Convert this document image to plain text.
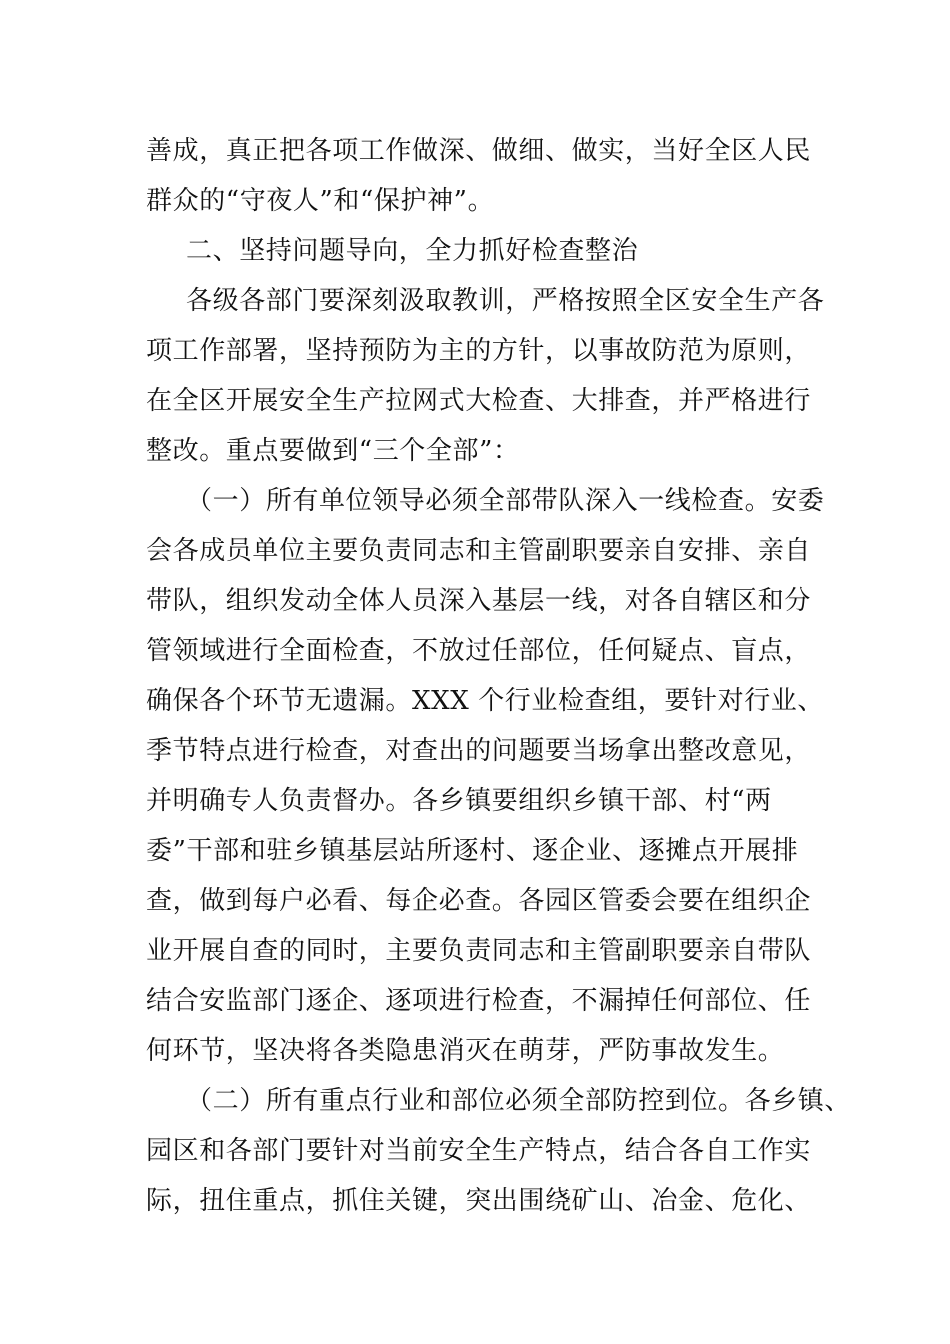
善成，真正把各项工作做深、做细、做实，当好全区人民
群众的“守夜人”和“保护神”。
二、坚持问题导向，全力抓好检查整治
各级各部门要深刻汲取教训，严格按照全区安全生产各
项工作部署，坚持预防为主的方针，以事故防范为原则，
在全区开展安全生产拉网式大检查、大排查，并严格进行
整改。重点要做到“三个全部”：
（一）所有单位领导必须全部带队深入一线检查。安委
会各成员单位主要负责同志和主管副职要亲自安排、亲自
带队，组织发动全体人员深入基层一线，对各自辖区和分
管领域进行全面检查，不放过任部位，任何疑点、盲点，
确保各个环节无遗漏。XXX 个行业检查组，要针对行业、
季节特点进行检查，对查出的问题要当场拿出整改意见，
并明确专人负责督办。各乡镇要组织乡镇干部、村“两
委”干部和驻乡镇基层站所逐村、逐企业、逐摊点开展排
查，做到每户必看、每企必查。各园区管委会要在组织企
业开展自查的同时，主要负责同志和主管副职要亲自带队
结合安监部门逐企、逐项进行检查，不漏掉任何部位、任
何环节，坚决将各类隐患消灭在萌芽，严防事故发生。
（二）所有重点行业和部位必须全部防控到位。各乡镇、
园区和各部门要针对当前安全生产特点，结合各自工作实
际，扭住重点，抓住关键，突出围绕矿山、冶金、危化、
